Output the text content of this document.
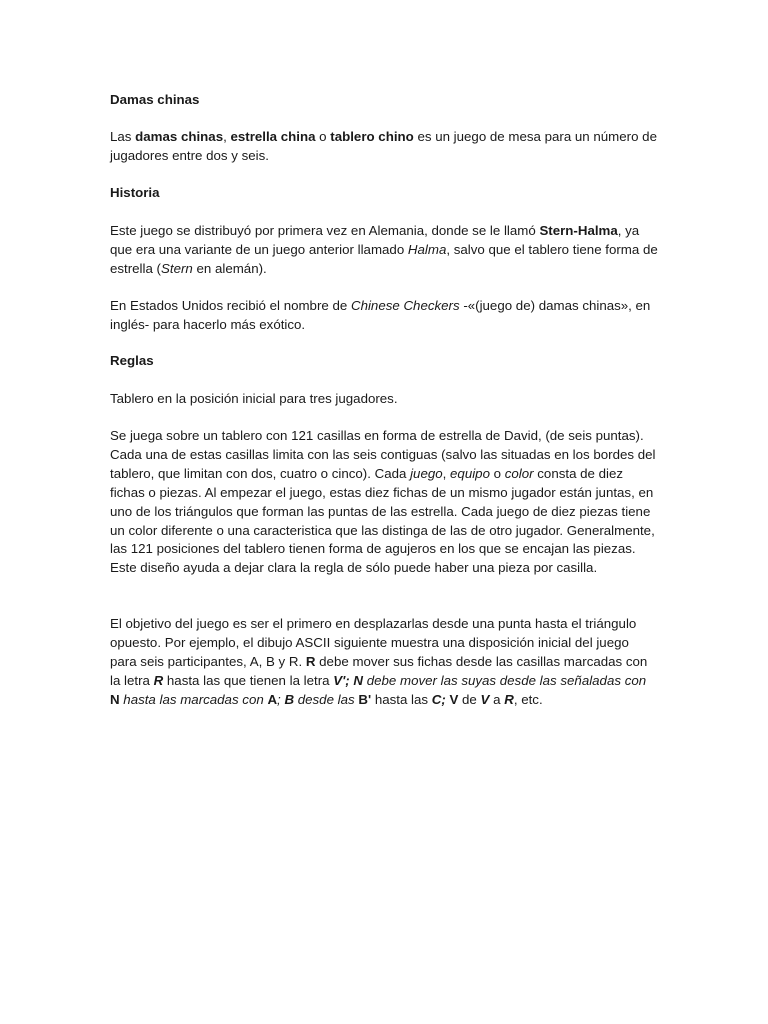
Damas chinas

Las damas chinas, estrella china o tablero chino es un juego de mesa para un número de jugadores entre dos y seis.

Historia

Este juego se distribuyó por primera vez en Alemania, donde se le llamó Stern-Halma, ya que era una variante de un juego anterior llamado Halma, salvo que el tablero tiene forma de estrella (Stern en alemán).

En Estados Unidos recibió el nombre de Chinese Checkers -«(juego de) damas chinas», en inglés- para hacerlo más exótico.

Reglas

Tablero en la posición inicial para tres jugadores.

Se juega sobre un tablero con 121 casillas en forma de estrella de David, (de seis puntas). Cada una de estas casillas limita con las seis contiguas (salvo las situadas en los bordes del tablero, que limitan con dos, cuatro o cinco). Cada juego, equipo o color consta de diez fichas o piezas. Al empezar el juego, estas diez fichas de un mismo jugador están juntas, en uno de los triángulos que forman las puntas de las estrella. Cada juego de diez piezas tiene un color diferente o una caracteristica que las distinga de las de otro jugador. Generalmente, las 121 posiciones del tablero tienen forma de agujeros en los que se encajan las piezas. Este diseño ayuda a dejar clara la regla de sólo puede haber una pieza por casilla.

El objetivo del juego es ser el primero en desplazarlas desde una punta hasta el triángulo opuesto. Por ejemplo, el dibujo ASCII siguiente muestra una disposición inicial del juego para seis participantes, A, B y R. R debe mover sus fichas desde las casillas marcadas con la letra R hasta las que tienen la letra V'; N debe mover las suyas desde las señaladas con N hasta las marcadas con A; B desde las B' hasta las C; V de V a R, etc.
